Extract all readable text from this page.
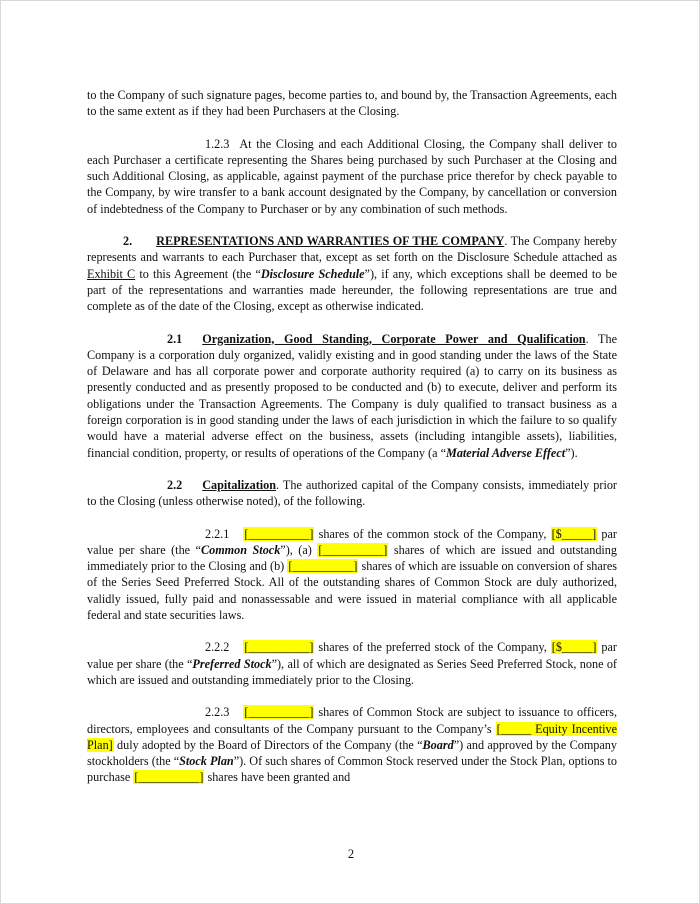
to the Company of such signature pages, become parties to, and bound by, the Transaction Agreements, each to the same extent as if they had been Purchasers at the Closing.

1.2.3 At the Closing and each Additional Closing, the Company shall deliver to each Purchaser a certificate representing the Shares being purchased by such Purchaser at the Closing and such Additional Closing, as applicable, against payment of the purchase price therefor by check payable to the Company, by wire transfer to a bank account designated by the Company, by cancellation or conversion of indebtedness of the Company to Purchaser or by any combination of such methods.

2. REPRESENTATIONS AND WARRANTIES OF THE COMPANY. The Company hereby represents and warrants to each Purchaser that, except as set forth on the Disclosure Schedule attached as Exhibit C to this Agreement (the “Disclosure Schedule”), if any, which exceptions shall be deemed to be part of the representations and warranties made hereunder, the following representations are true and complete as of the date of the Closing, except as otherwise indicated.

2.1 Organization, Good Standing, Corporate Power and Qualification. The Company is a corporation duly organized, validly existing and in good standing under the laws of the State of Delaware and has all corporate power and corporate authority required (a) to carry on its business as presently conducted and as presently proposed to be conducted and (b) to execute, deliver and perform its obligations under the Transaction Agreements. The Company is duly qualified to transact business as a foreign corporation is in good standing under the laws of each jurisdiction in which the failure to so qualify would have a material adverse effect on the business, assets (including intangible assets), liabilities, financial condition, property, or results of operations of the Company (a “Material Adverse Effect”).

2.2 Capitalization. The authorized capital of the Company consists, immediately prior to the Closing (unless otherwise noted), of the following.

2.2.1 [__________] shares of the common stock of the Company, [$_____] par value per share (the “Common Stock”), (a) [__________] shares of which are issued and outstanding immediately prior to the Closing and (b) [__________] shares of which are issuable on conversion of shares of the Series Seed Preferred Stock. All of the outstanding shares of Common Stock are duly authorized, validly issued, fully paid and nonassessable and were issued in material compliance with all applicable federal and state securities laws.

2.2.2 [__________] shares of the preferred stock of the Company, [$_____] par value per share (the “Preferred Stock”), all of which are designated as Series Seed Preferred Stock, none of which are issued and outstanding immediately prior to the Closing.

2.2.3 [__________] shares of Common Stock are subject to issuance to officers, directors, employees and consultants of the Company pursuant to the Company’s [_____ Equity Incentive Plan] duly adopted by the Board of Directors of the Company (the “Board”) and approved by the Company stockholders (the “Stock Plan”). Of such shares of Common Stock reserved under the Stock Plan, options to purchase [__________] shares have been granted and

2
